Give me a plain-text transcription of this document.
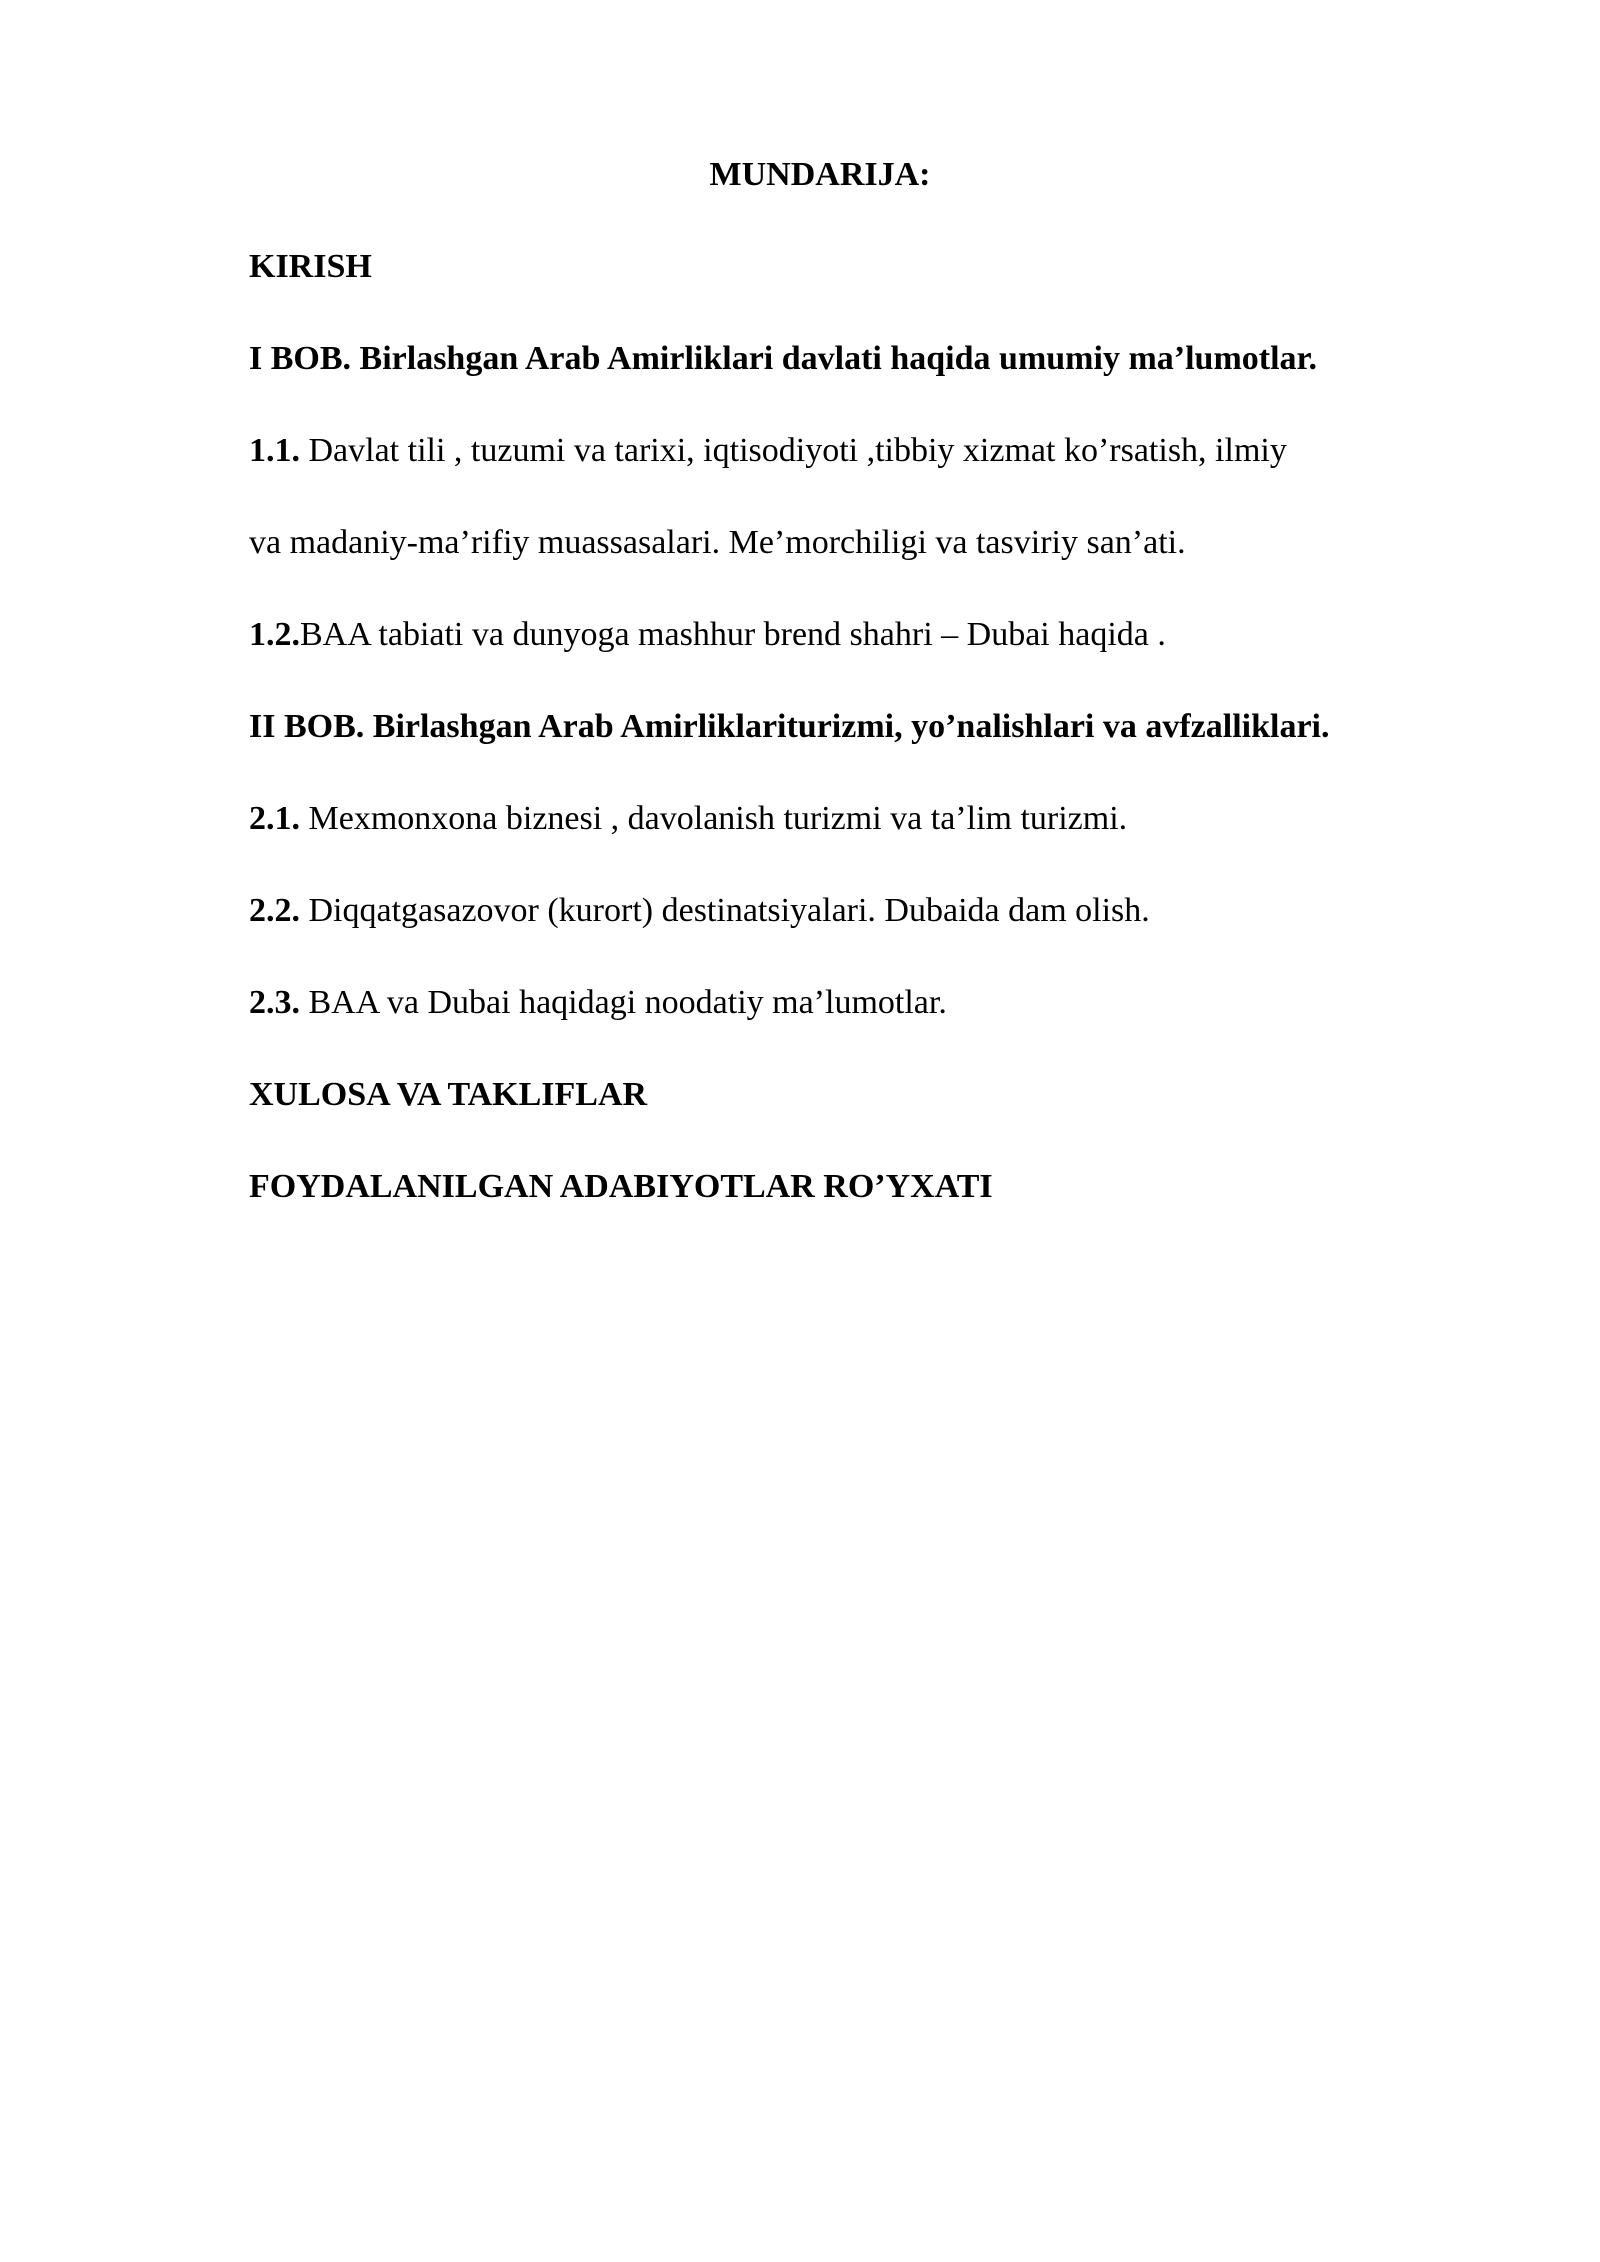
MUNDARIJA:
KIRISH
I BOB. Birlashgan Arab Amirliklari davlati haqida umumiy ma’lumotlar.
1.1. Davlat tili , tuzumi va tarixi, iqtisodiyoti ,tibbiy xizmat ko’rsatish, ilmiy
va madaniy-ma’rifiy muassasalari. Me’morchiligi va tasviriy san’ati.
1.2.BAA tabiati va dunyoga mashhur brend shahri – Dubai haqida .
II BOB. Birlashgan Arab Amirliklariturizmi, yo’nalishlari va avfzalliklari.
2.1. Mexmonxona biznesi , davolanish turizmi va ta’lim turizmi.
2.2. Diqqatgasazovor (kurort) destinatsiyalari. Dubaida dam olish.
2.3. BAA va Dubai haqidagi noodatiy ma’lumotlar.
XULOSA VA TAKLIFLAR
FOYDALANILGAN ADABIYOTLAR RO’YXATI
